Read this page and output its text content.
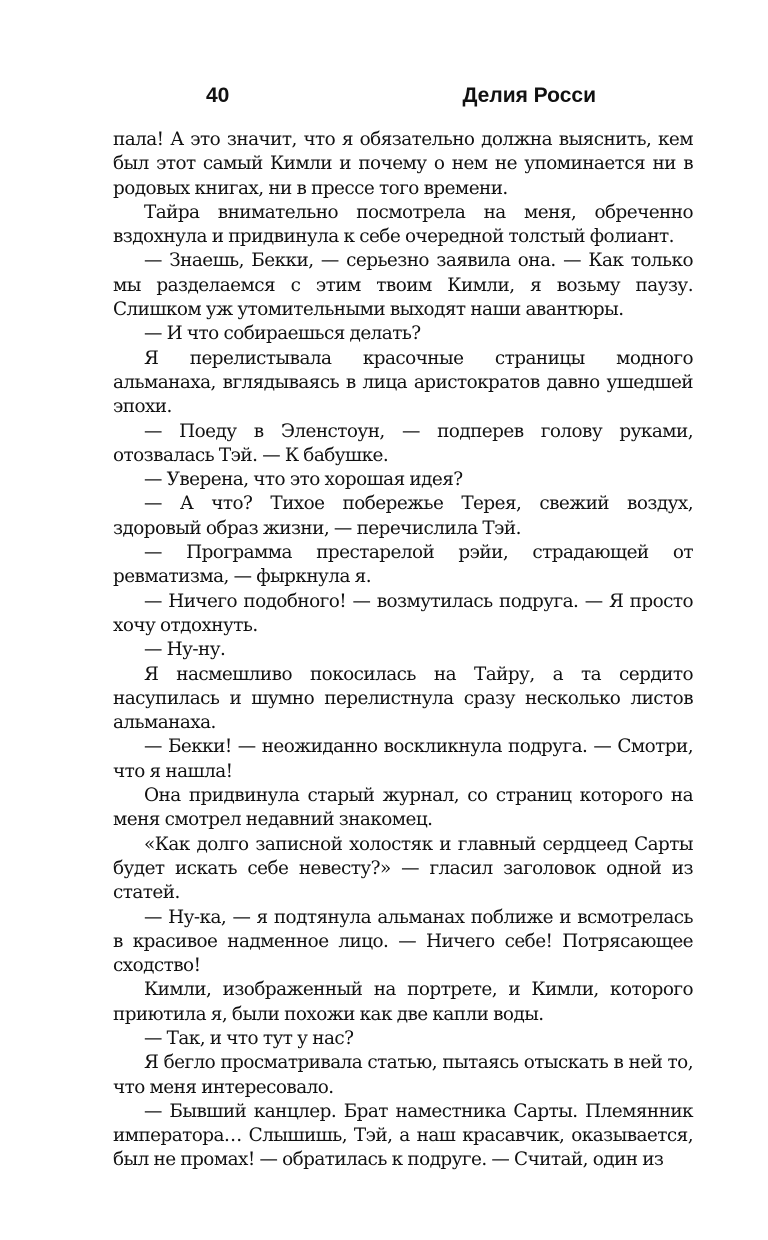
40	Делия Росси

пала! А это значит, что я обязательно должна выяснить, кем был этот самый Кимли и почему о нем не упоминается ни в родовых книгах, ни в прессе того времени.

Тайра внимательно посмотрела на меня, обреченно вздохнула и придвинула к себе очередной толстый фолиант.

— Знаешь, Бекки, — серьезно заявила она. — Как только мы разделаемся с этим твоим Кимли, я возьму паузу. Слишком уж утомительными выходят наши авантюры.

— И что собираешься делать?

Я перелистывала красочные страницы модного альманаха, вглядываясь в лица аристократов давно ушедшей эпохи.

— Поеду в Эленстоун, — подперев голову руками, отозвалась Тэй. — К бабушке.

— Уверена, что это хорошая идея?

— А что? Тихое побережье Терея, свежий воздух, здоровый образ жизни, — перечислила Тэй.

— Программа престарелой рэйи, страдающей от ревматизма, — фыркнула я.

— Ничего подобного! — возмутилась подруга. — Я просто хочу отдохнуть.

— Ну-ну.

Я насмешливо покосилась на Тайру, а та сердито насупилась и шумно перелистнула сразу несколько листов альманаха.

— Бекки! — неожиданно воскликнула подруга. — Смотри, что я нашла!

Она придвинула старый журнал, со страниц которого на меня смотрел недавний знакомец.

«Как долго записной холостяк и главный сердцеед Сарты будет искать себе невесту?» — гласил заголовок одной из статей.

— Ну-ка, — я подтянула альманах поближе и всмотрелась в красивое надменное лицо. — Ничего себе! Потрясающее сходство!

Кимли, изображенный на портрете, и Кимли, которого приютила я, были похожи как две капли воды.

— Так, и что тут у нас?

Я бегло просматривала статью, пытаясь отыскать в ней то, что меня интересовало.

— Бывший канцлер. Брат наместника Сарты. Племянник императора… Слышишь, Тэй, а наш красавчик, оказывается, был не промах! — обратилась к подруге. — Считай, один из
